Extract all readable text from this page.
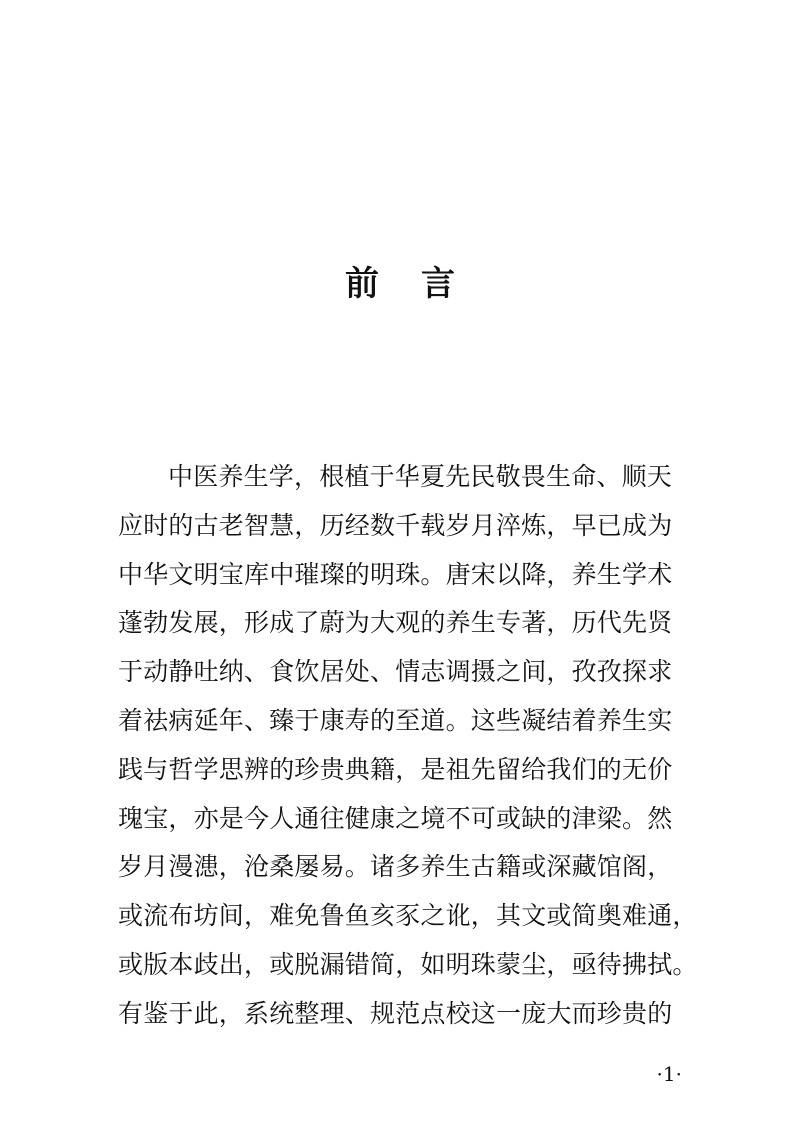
前 言
中医养生学，根植于华夏先民敬畏生命、顺天
应时的古老智慧，历经数千载岁月淬炼，早已成为
中华文明宝库中璀璨的明珠。唐宋以降，养生学术
蓬勃发展，形成了蔚为大观的养生专著，历代先贤
于动静吐纳、食饮居处、情志调摄之间，孜孜探求
着祛病延年、臻于康寿的至道。这些凝结着养生实
践与哲学思辨的珍贵典籍，是祖先留给我们的无价
瑰宝，亦是今人通往健康之境不可或缺的津梁。然
岁月漫漶，沧桑屡易。诸多养生古籍或深藏馆阁，
或流布坊间，难免鲁鱼亥豕之讹，其文或简奥难通，
或版本歧出，或脱漏错简，如明珠蒙尘，亟待拂拭。
有鉴于此，系统整理、规范点校这一庞大而珍贵的
·1·
